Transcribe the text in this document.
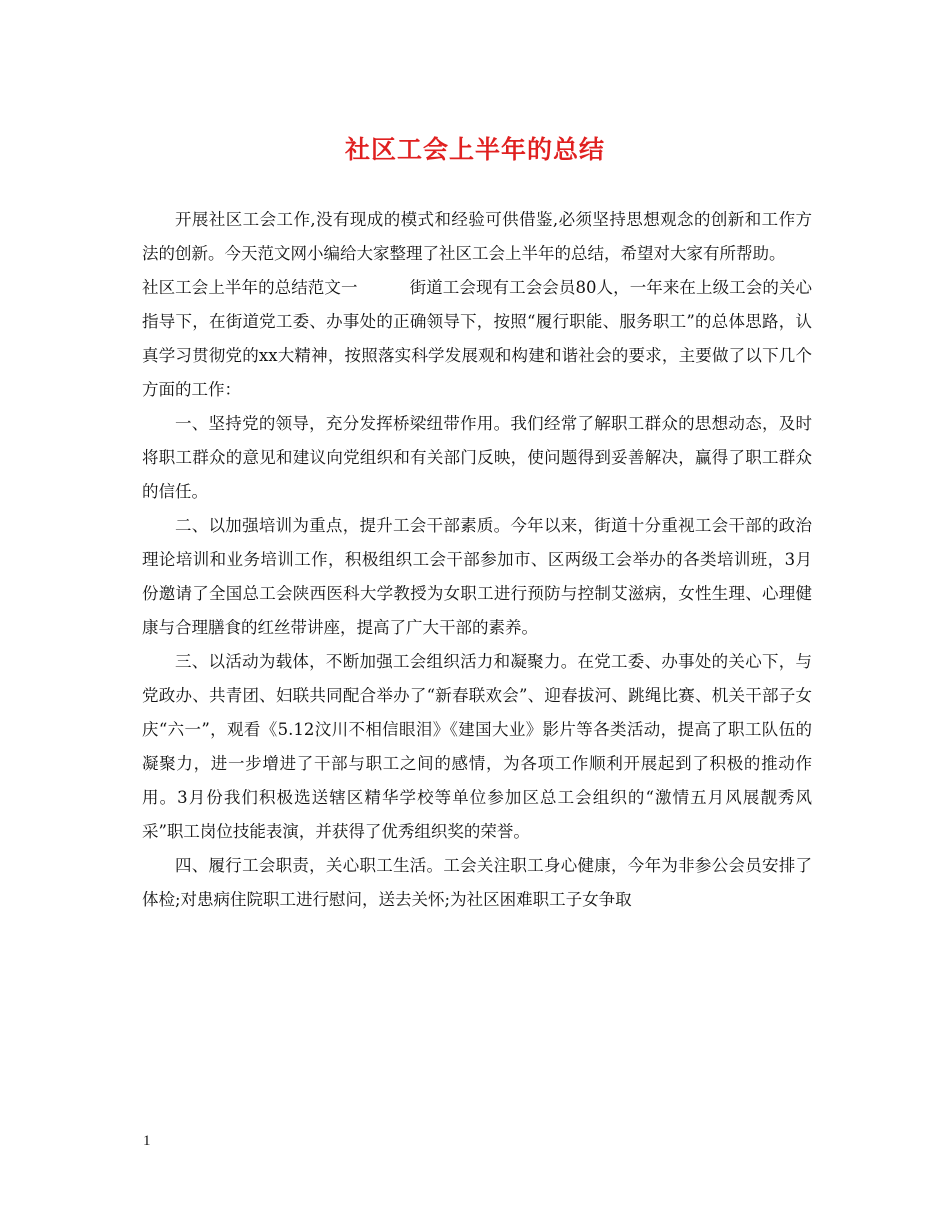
社区工会上半年的总结

开展社区工会工作,没有现成的模式和经验可供借鉴,必须坚持思想观念的创新和工作方法的创新。今天范文网小编给大家整理了社区工会上半年的总结，希望对大家有所帮助。

社区工会上半年的总结范文一	街道工会现有工会会员80人，一年来在上级工会的关心指导下，在街道党工委、办事处的正确领导下，按照“履行职能、服务职工”的总体思路，认真学习贯彻党的xx大精神，按照落实科学发展观和构建和谐社会的要求，主要做了以下几个方面的工作：

一、坚持党的领导，充分发挥桥梁纽带作用。我们经常了解职工群众的思想动态，及时将职工群众的意见和建议向党组织和有关部门反映，使问题得到妥善解决，赢得了职工群众的信任。

二、以加强培训为重点，提升工会干部素质。今年以来，街道十分重视工会干部的政治理论培训和业务培训工作，积极组织工会干部参加市、区两级工会举办的各类培训班，3月份邀请了全国总工会陕西医科大学教授为女职工进行预防与控制艾滋病，女性生理、心理健康与合理膳食的红丝带讲座，提高了广大干部的素养。

三、以活动为载体，不断加强工会组织活力和凝聚力。在党工委、办事处的关心下，与党政办、共青团、妇联共同配合举办了“新春联欢会”、迎春拔河、跳绳比赛、机关干部子女庆“六一”，观看《5.12汶川不相信眼泪》《建国大业》影片等各类活动，提高了职工队伍的凝聚力，进一步增进了干部与职工之间的感情，为各项工作顺利开展起到了积极的推动作用。3月份我们积极选送辖区精华学校等单位参加区总工会组织的“激情五月风展靓秀风采”职工岗位技能表演，并获得了优秀组织奖的荣誉。

四、履行工会职责，关心职工生活。工会关注职工身心健康，今年为非参公会员安排了体检;对患病住院职工进行慰问，送去关怀;为社区困难职工子女争取

1
